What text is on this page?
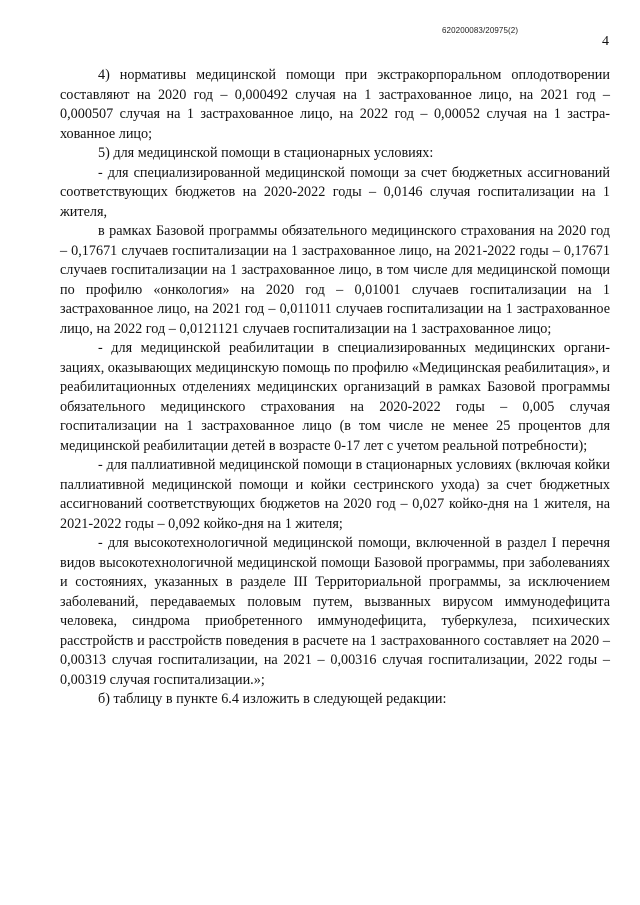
620200083/20975(2)
4

4) нормативы медицинской помощи при экстракорпоральном оплодотворении составляют на 2020 год – 0,000492 случая на 1 застрахованное лицо, на 2021 год – 0,000507 случая на 1 застрахованное лицо, на 2022 год – 0,00052 случая на 1 застрахованное лицо;

5) для медицинской помощи в стационарных условиях:

- для специализированной медицинской помощи за счет бюджетных ассигнований соответствующих бюджетов на 2020-2022 годы – 0,0146 случая госпитализации на 1 жителя,

в рамках Базовой программы обязательного медицинского страхования на 2020 год – 0,17671 случаев госпитализации на 1 застрахованное лицо, на 2021-2022 годы – 0,17671 случаев госпитализации на 1 застрахованное лицо, в том числе для медицинской помощи по профилю «онкология» на 2020 год – 0,01001 случаев госпитализации на 1 застрахованное лицо, на 2021 год – 0,011011 случаев госпитализации на 1 застрахованное лицо, на 2022 год – 0,0121121 случаев госпитализации на 1 застрахованное лицо;

- для медицинской реабилитации в специализированных медицинских организациях, оказывающих медицинскую помощь по профилю «Медицинская реабилитация», и реабилитационных отделениях медицинских организаций в рамках Базовой программы обязательного медицинского страхования на 2020-2022 годы – 0,005 случая госпитализации на 1 застрахованное лицо (в том числе не менее 25 процентов для медицинской реабилитации детей в возрасте 0-17 лет с учетом реальной потребности);

- для паллиативной медицинской помощи в стационарных условиях (включая койки паллиативной медицинской помощи и койки сестринского ухода) за счет бюджетных ассигнований соответствующих бюджетов на 2020 год – 0,027 койко-дня на 1 жителя, на 2021-2022 годы – 0,092 койко-дня на 1 жителя;

- для высокотехнологичной медицинской помощи, включенной в раздел I перечня видов высокотехнологичной медицинской помощи Базовой программы, при заболеваниях и состояниях, указанных в разделе III Территориальной программы, за исключением заболеваний, передаваемых половым путем, вызванных вирусом иммунодефицита человека, синдрома приобретенного иммунодефицита, туберкулеза, психических расстройств и расстройств поведения в расчете на 1 застрахованного составляет на 2020 – 0,00313 случая госпитализации, на 2021 – 0,00316 случая госпитализации, 2022 годы – 0,00319 случая госпитализации.»;

б) таблицу в пункте 6.4 изложить в следующей редакции:
